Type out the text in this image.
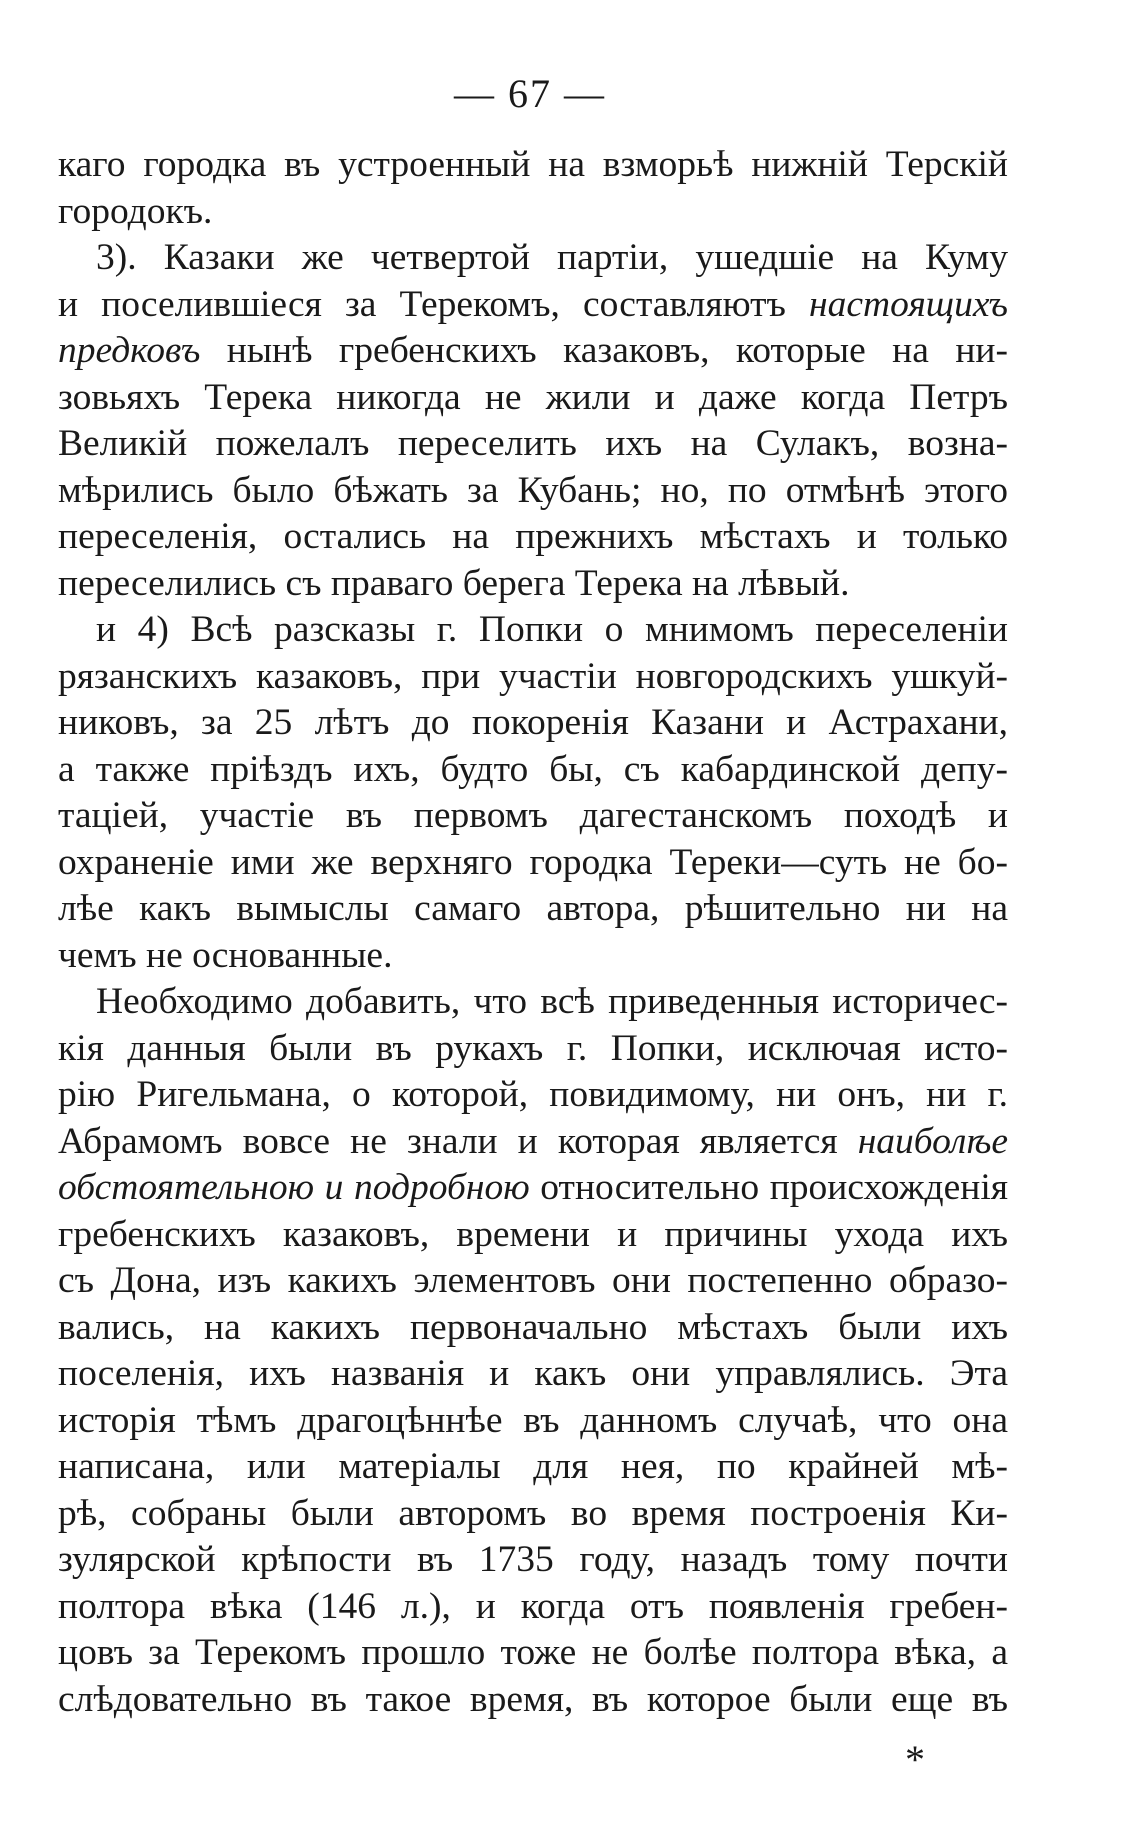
— 67 —
каго городка въ устроенный на взморьѣ нижній Терскій
городокъ.
3). Казаки же четвертой партіи, ушедшіе на Куму
и поселившіеся за Терекомъ, составляютъ настоящихъ
предковъ нынѣ гребенскихъ казаковъ, которые на ни-
зовьяхъ Терека никогда не жили и даже когда Петръ
Великій пожелалъ переселить ихъ на Сулакъ, возна-
мѣрились было бѣжать за Кубань; но, по отмѣнѣ этого
переселенія, остались на прежнихъ мѣстахъ и только
переселились съ праваго берега Терека на лѣвый.
и 4) Всѣ разсказы г. Попки о мнимомъ переселеніи
рязанскихъ казаковъ, при участіи новгородскихъ ушкуй-
никовъ, за 25 лѣтъ до покоренія Казани и Астрахани,
а также пріѣздъ ихъ, будто бы, съ кабардинской депу-
таціей, участіе въ первомъ дагестанскомъ походѣ и
охраненіе ими же верхняго городка Тереки—суть не бо-
лѣе какъ вымыслы самаго автора, рѣшительно ни на
чемъ не основанные.
Необходимо добавить, что всѣ приведенныя историчес-
кія данныя были въ рукахъ г. Попки, исключая исто-
рію Ригельмана, о которой, повидимому, ни онъ, ни г.
Абрамомъ вовсе не знали и которая является наиболѣе
обстоятельною и подробною относительно происхожденія
гребенскихъ казаковъ, времени и причины ухода ихъ
съ Дона, изъ какихъ элементовъ они постепенно образо-
вались, на какихъ первоначально мѣстахъ были ихъ
поселенія, ихъ названія и какъ они управлялись. Эта
исторія тѣмъ драгоцѣннѣе въ данномъ случаѣ, что она
написана, или матеріалы для нея, по крайней мѣ-
рѣ, собраны были авторомъ во время построенія Ки-
зулярской крѣпости въ 1735 году, назадъ тому почти
полтора вѣка (146 л.), и когда отъ появленія гребен-
цовъ за Терекомъ прошло тоже не болѣе полтора вѣка, а
слѣдовательно въ такое время, въ которое были еще въ
*
